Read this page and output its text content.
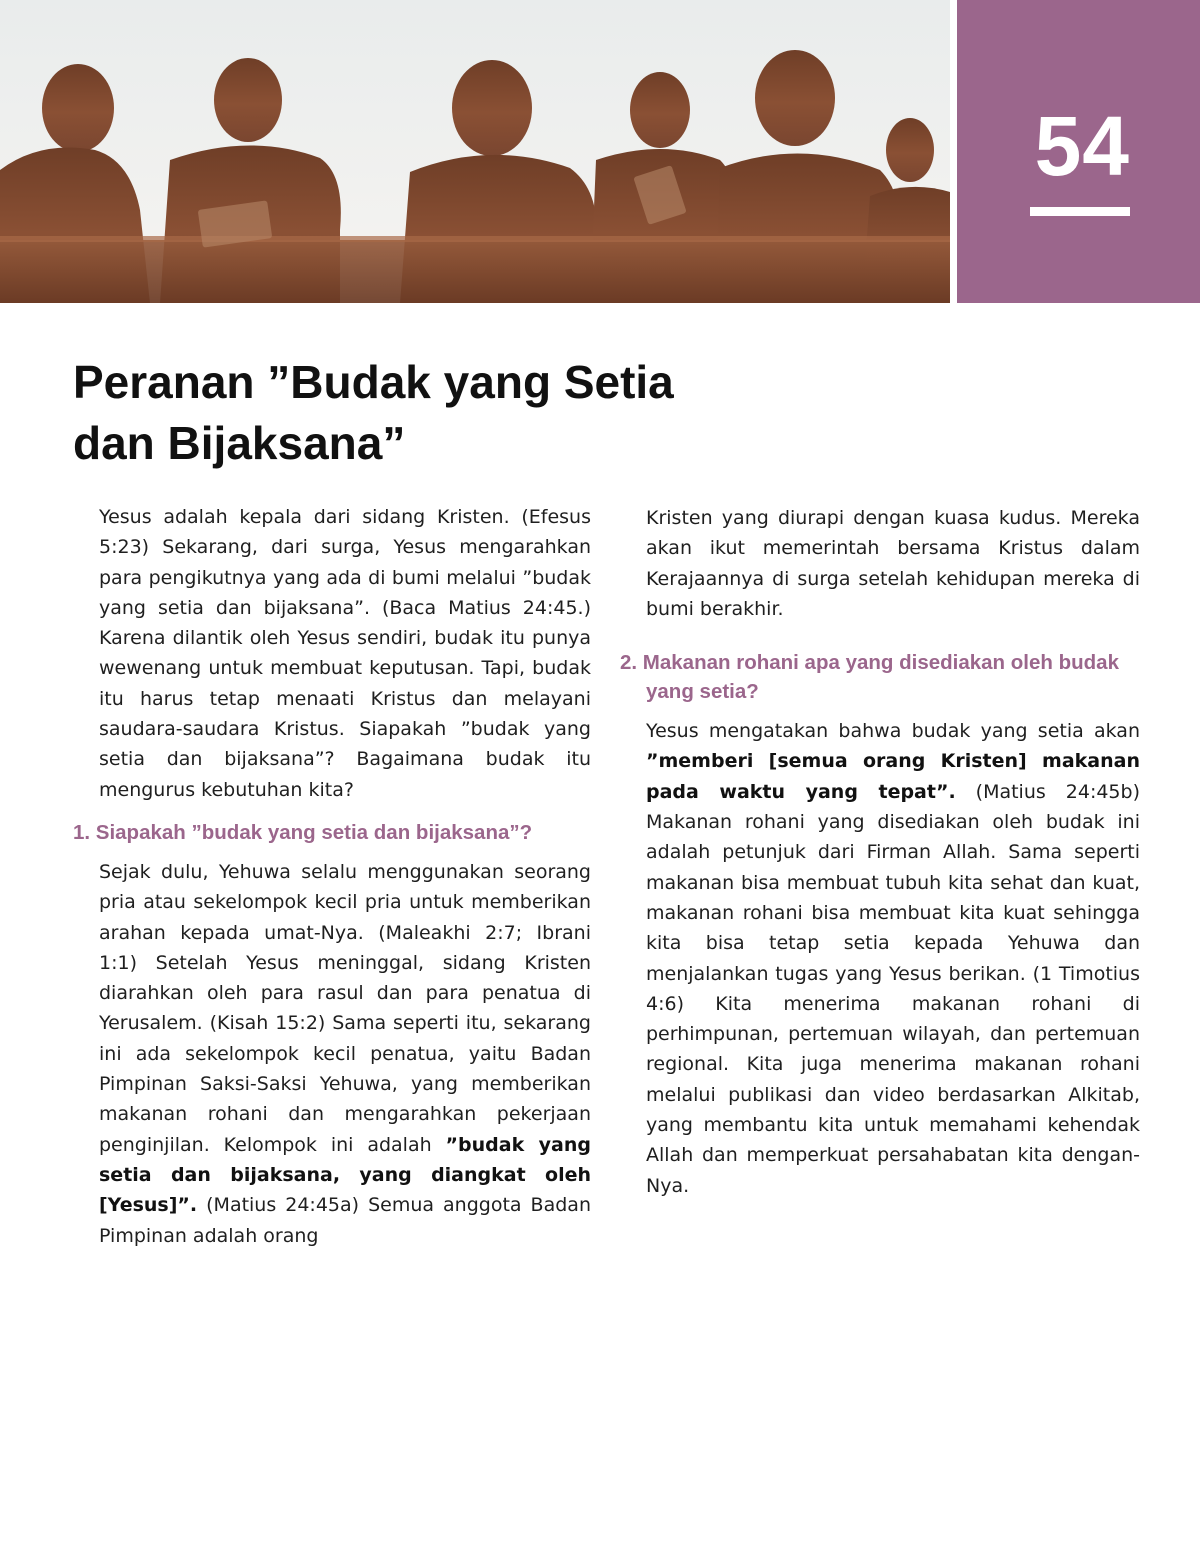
54
Peranan ”Budak yang Setia
dan Bijaksana”

Yesus adalah kepala dari sidang Kristen. (Efesus 5:23) Sekarang, dari surga, Yesus mengarahkan para pengikutnya yang ada di bumi melalui ”budak yang setia dan bijaksana”. (Baca Matius 24:45.) Karena dilantik oleh Yesus sendiri, budak itu punya wewenang untuk membuat keputusan. Tapi, budak itu harus tetap menaati Kristus dan melayani saudara-saudara Kristus. Siapakah ”budak yang setia dan bijaksana”? Bagaimana budak itu mengurus kebutuhan kita?

1. Siapakah ”budak yang setia dan bijaksana”?

Sejak dulu, Yehuwa selalu menggunakan seorang pria atau sekelompok kecil pria untuk memberikan arahan kepada umat-Nya. (Maleakhi 2:7; Ibrani 1:1) Setelah Yesus meninggal, sidang Kristen diarahkan oleh para rasul dan para penatua di Yerusalem. (Kisah 15:2) Sama seperti itu, sekarang ini ada sekelompok kecil penatua, yaitu Badan Pimpinan Saksi-Saksi Yehuwa, yang memberikan makanan rohani dan mengarahkan pekerjaan penginjilan. Kelompok ini adalah ”budak yang setia dan bijaksana, yang diangkat oleh [Yesus]”. (Matius 24:45a) Semua anggota Badan Pimpinan adalah orang

Kristen yang diurapi dengan kuasa kudus. Mereka akan ikut memerintah bersama Kristus dalam Kerajaannya di surga setelah kehidupan mereka di bumi berakhir.

2. Makanan rohani apa yang disediakan oleh budak yang setia?

Yesus mengatakan bahwa budak yang setia akan ”memberi [semua orang Kristen] makanan pada waktu yang tepat”. (Matius 24:45b) Makanan rohani yang disediakan oleh budak ini adalah petunjuk dari Firman Allah. Sama seperti makanan bisa membuat tubuh kita sehat dan kuat, makanan rohani bisa membuat kita kuat sehingga kita bisa tetap setia kepada Yehuwa dan menjalankan tugas yang Yesus berikan. (1 Timotius 4:6) Kita menerima makanan rohani di perhimpunan, pertemuan wilayah, dan pertemuan regional. Kita juga menerima makanan rohani melalui publikasi dan video berdasarkan Alkitab, yang membantu kita untuk memahami kehendak Allah dan memperkuat persahabatan kita dengan-Nya.
